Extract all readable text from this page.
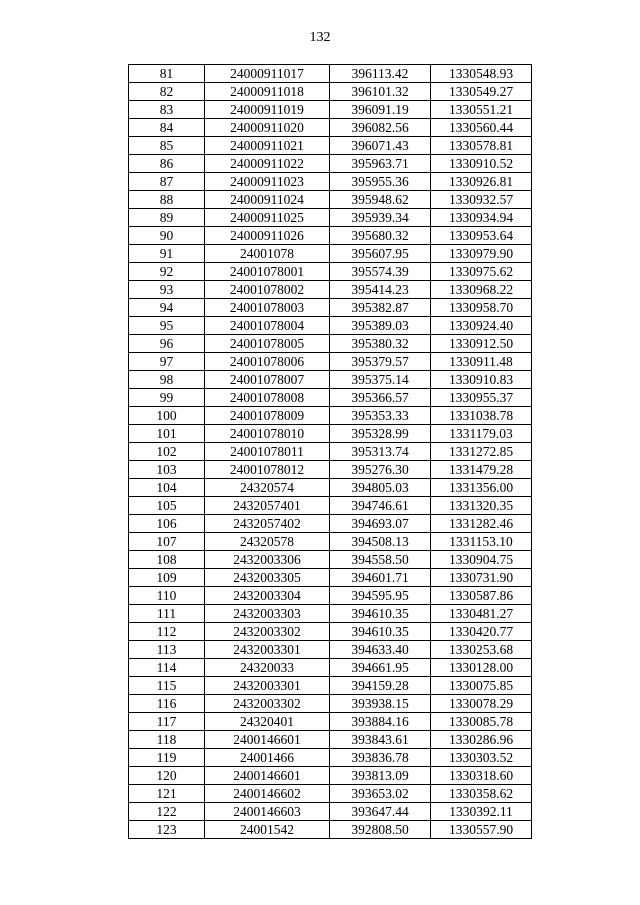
132
81	24000911017	396113.42	1330548.93
82	24000911018	396101.32	1330549.27
83	24000911019	396091.19	1330551.21
84	24000911020	396082.56	1330560.44
85	24000911021	396071.43	1330578.81
86	24000911022	395963.71	1330910.52
87	24000911023	395955.36	1330926.81
88	24000911024	395948.62	1330932.57
89	24000911025	395939.34	1330934.94
90	24000911026	395680.32	1330953.64
91	24001078	395607.95	1330979.90
92	24001078001	395574.39	1330975.62
93	24001078002	395414.23	1330968.22
94	24001078003	395382.87	1330958.70
95	24001078004	395389.03	1330924.40
96	24001078005	395380.32	1330912.50
97	24001078006	395379.57	1330911.48
98	24001078007	395375.14	1330910.83
99	24001078008	395366.57	1330955.37
100	24001078009	395353.33	1331038.78
101	24001078010	395328.99	1331179.03
102	24001078011	395313.74	1331272.85
103	24001078012	395276.30	1331479.28
104	24320574	394805.03	1331356.00
105	2432057401	394746.61	1331320.35
106	2432057402	394693.07	1331282.46
107	24320578	394508.13	1331153.10
108	2432003306	394558.50	1330904.75
109	2432003305	394601.71	1330731.90
110	2432003304	394595.95	1330587.86
111	2432003303	394610.35	1330481.27
112	2432003302	394610.35	1330420.77
113	2432003301	394633.40	1330253.68
114	24320033	394661.95	1330128.00
115	2432003301	394159.28	1330075.85
116	2432003302	393938.15	1330078.29
117	24320401	393884.16	1330085.78
118	2400146601	393843.61	1330286.96
119	24001466	393836.78	1330303.52
120	2400146601	393813.09	1330318.60
121	2400146602	393653.02	1330358.62
122	2400146603	393647.44	1330392.11
123	24001542	392808.50	1330557.90
